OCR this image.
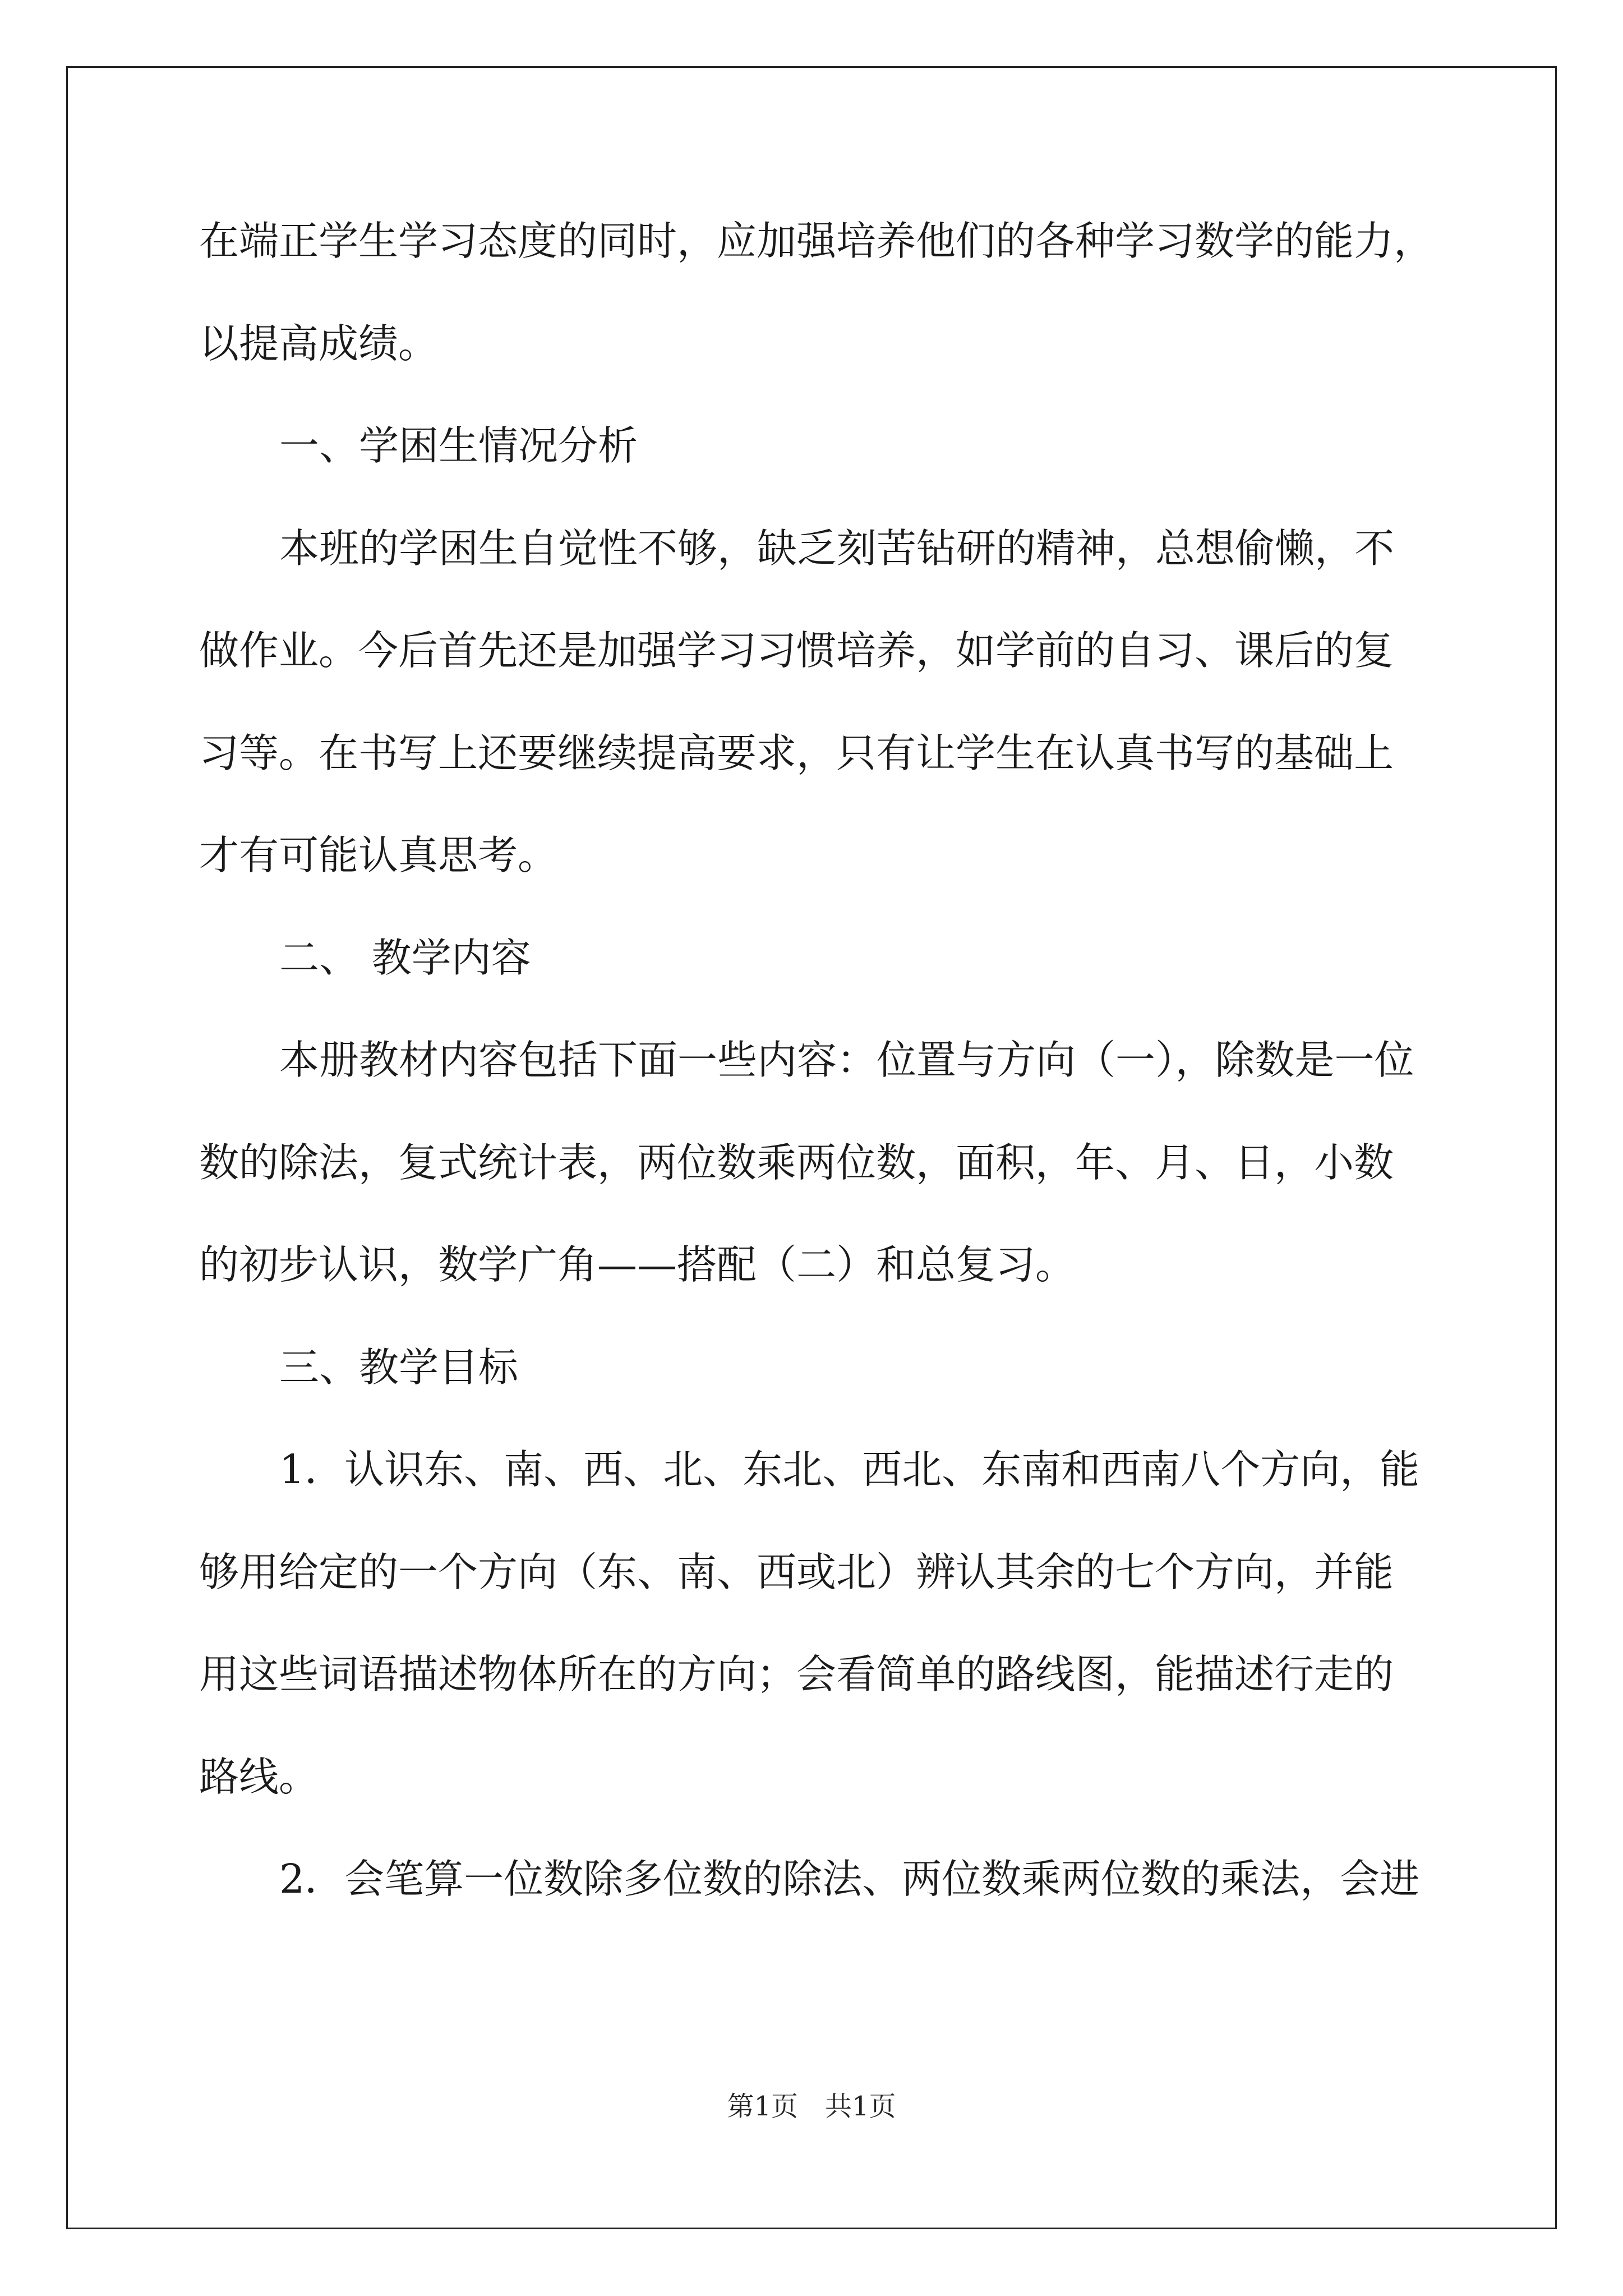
在端正学生学习态度的同时，应加强培养他们的各种学习数学的能力，
以提高成绩。
一、学困生情况分析
本班的学困生自觉性不够，缺乏刻苦钻研的精神，总想偷懒，不
做作业。今后首先还是加强学习习惯培养，如学前的自习、课后的复
习等。在书写上还要继续提高要求，只有让学生在认真书写的基础上
才有可能认真思考。
二、 教学内容
本册教材内容包括下面一些内容：位置与方向（一），除数是一位
数的除法，复式统计表，两位数乘两位数，面积，年、月、日，小数
的初步认识，数学广角——搭配（二）和总复习。
三、教学目标
1．认识东、南、西、北、东北、西北、东南和西南八个方向，能
够用给定的一个方向（东、南、西或北）辨认其余的七个方向，并能
用这些词语描述物体所在的方向；会看简单的路线图，能描述行走的
路线。
2．会笔算一位数除多位数的除法、两位数乘两位数的乘法，会进
第1页　共1页
